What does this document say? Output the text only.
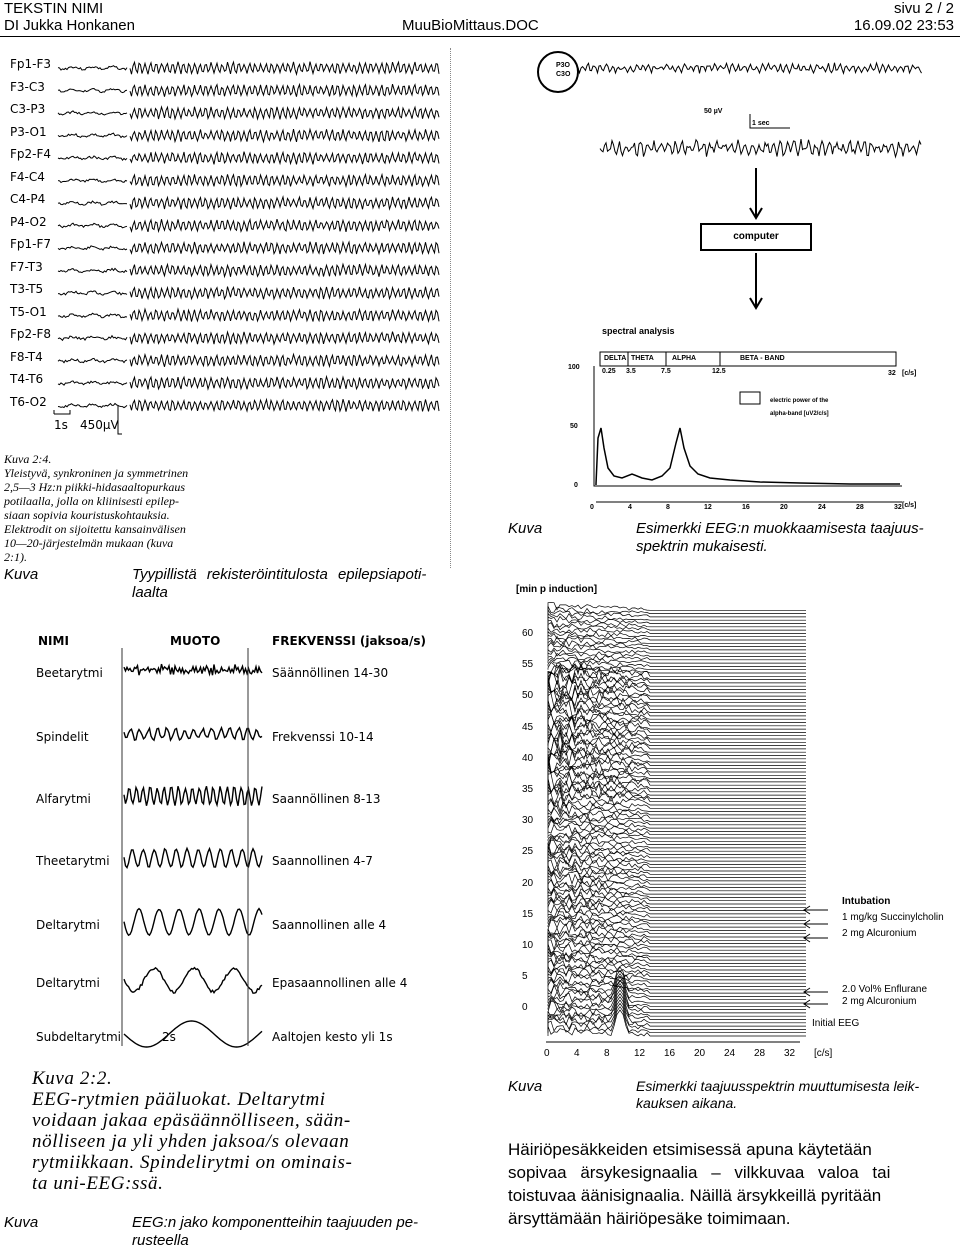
TEKSTIN NIMI	sivu 2 / 2
DI Jukka Honkanen	MuuBioMittaus.DOC	16.09.02 23:53
Fp1-F3
F3-C3
C3-P3
P3-O1
Fp2-F4
F4-C4
C4-P4
P4-O2
Fp1-F7
F7-T3
T3-T5
T5-O1
Fp2-F8
F8-T4
T4-T6
T6-O2
1s 450µV
Kuva 2:4.
Yleistyvä, synkroninen ja symmetrinen
2,5—3 Hz:n piikki-hidasaaltopurkaus
potilaalla, jolla on kliinisesti epilep-
siaan sopivia kouristuskohtauksia.
Elektrodit on sijoitettu kansainvälisen
10—20-järjestelmän mukaan (kuva
2:1).
Kuva	Tyypillistä rekisteröintitulosta epilepsiapoti-
laalta
P3O
C3O
50 µV
1 sec
computer
spectral analysis
DELTA THETA	ALPHA	BETA - BAND
0.25 3.5	7.5	12.5	32 [c/s]
100
50
0
electric power of the
alpha-band [uV2/c/s]
0	4	8	12	16	20	24	28	32 [c/s]
Kuva	Esimerkki EEG:n muokkaamisesta taajuus-
spektrin mukaisesti.
NIMI	MUOTO	FREKVENSSI (jaksoa/s)
Beetarytmi	Säännöllinen 14-30
Spindelit	Frekvenssi 10-14
Alfarytmi	Saannöllinen 8-13
Theetarytmi	Saannollinen 4-7
Deltarytmi	Saannollinen alle 4
Deltarytmi	Epasaannollinen alle 4
Subdeltarytmi	Aaltojen kesto yli 1s
2s
Kuva 2:2.
EEG-rytmien pääluokat. Deltarytmi
voidaan jakaa epäsäännölliseen, sään-
nölliseen ja yli yhden jaksoa/s olevaan
rytmiikkaan. Spindelirytmi on ominais-
ta uni-EEG:ssä.
Kuva	EEG:n jako komponentteihin taajuuden pe-
rusteella
[min p induction]
60
55
50
45
40
35
30
25
20
15
10
5
0
0 4 8 12 16 20 24 28 32 [c/s]
Intubation
1 mg/kg Succinylcholin
2 mg Alcuronium
2.0 Vol% Enflurane
2 mg Alcuronium
Initial EEG
Kuva	Esimerkki taajuusspektrin muuttumisesta leik-
kauksen aikana.
Häiriöpesäkkeiden etsimisessä apuna käytetään
sopivaa ärsykesignaalia – vilkkuvaa valoa tai
toistuvaa äänisignaalia. Näillä ärsykkeillä pyritään
ärsyttämään häiriöpesäke toimimaan.
